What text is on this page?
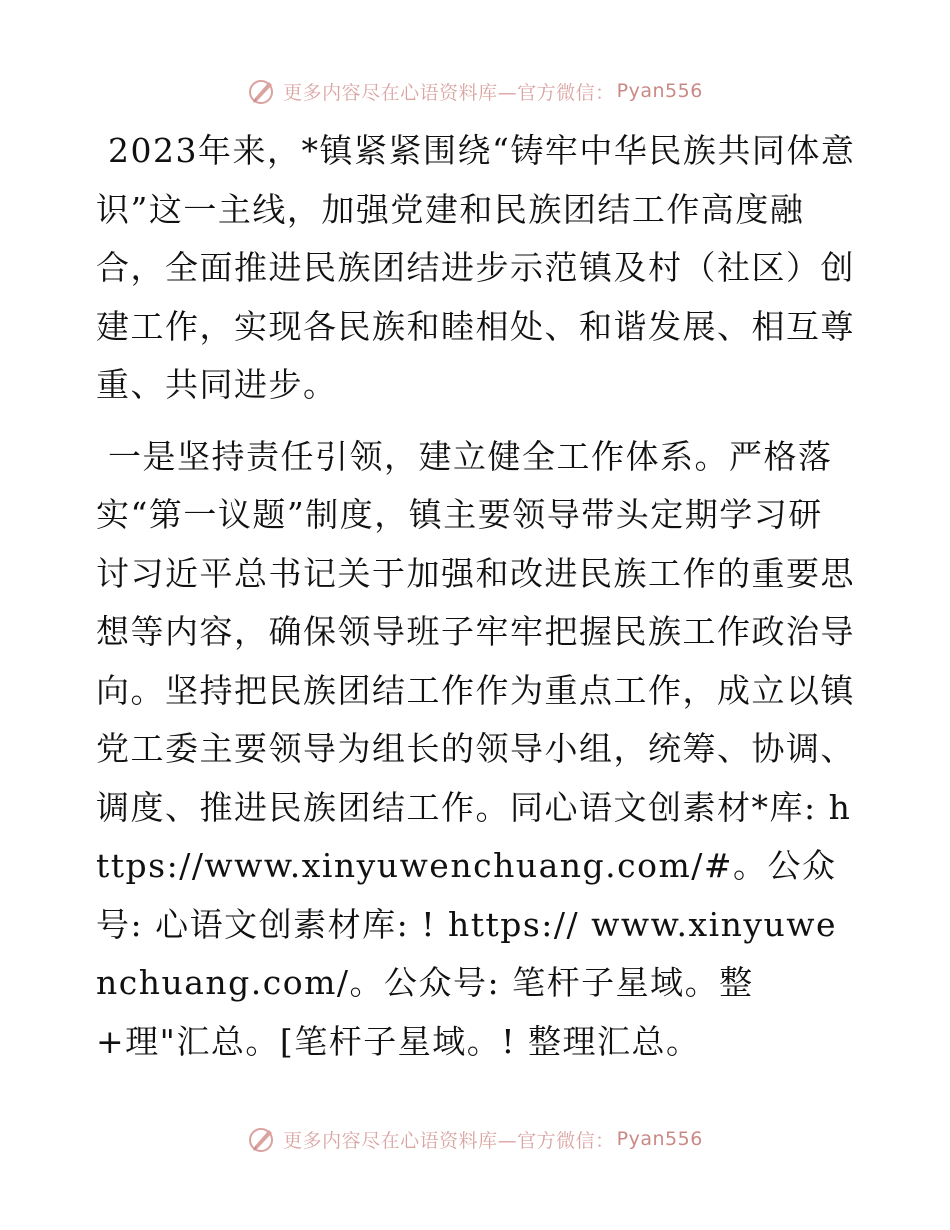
更多内容尽在心语资料库—官方微信： Pyan556

2023年来，*镇紧紧围绕“铸牢中华民族共同体意识”这一主线，加强党建和民族团结工作高度融合，全面推进民族团结进步示范镇及村（社区）创建工作，实现各民族和睦相处、和谐发展、相互尊重、共同进步。

一是坚持责任引领，建立健全工作体系。严格落实“第一议题”制度，镇主要领导带头定期学习研讨习近平总书记关于加强和改进民族工作的重要思想等内容，确保领导班子牢牢把握民族工作政治导向。坚持把民族团结工作作为重点工作，成立以镇党工委主要领导为组长的领导小组，统筹、协调、调度、推进民族团结工作。同心语文创素材*库: https://www.xinyuwenchuang.com/#。公众号: 心语文创素材库: ! https:// www.xinyuwenchuang.com/。公众号: 笔杆子星域。整+理"汇总。[笔杆子星域。! 整理汇总。

更多内容尽在心语资料库—官方微信： Pyan556
